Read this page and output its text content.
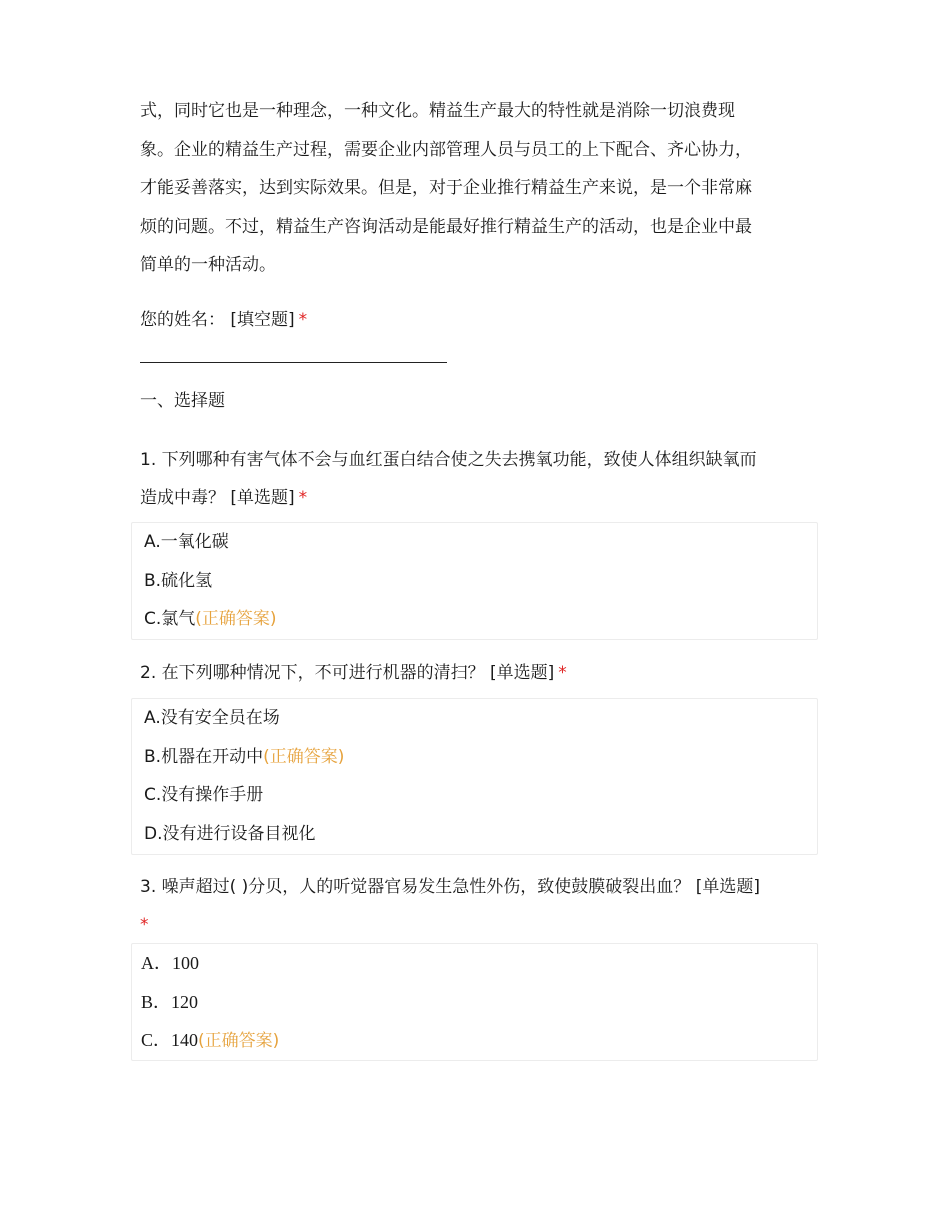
式，同时它也是一种理念，一种文化。精益生产最大的特性就是消除一切浪费现
象。企业的精益生产过程，需要企业内部管理人员与员工的上下配合、齐心协力，
才能妥善落实，达到实际效果。但是，对于企业推行精益生产来说，是一个非常麻
烦的问题。不过，精益生产咨询活动是能最好推行精益生产的活动，也是企业中最
简单的一种活动。
您的姓名： [填空题] *
一、选择题
1. 下列哪种有害气体不会与血红蛋白结合使之失去携氧功能，致使人体组织缺氧而
造成中毒？ [单选题] *
A.一氧化碳
B.硫化氢
C.氯气(正确答案)
2. 在下列哪种情况下，不可进行机器的清扫？ [单选题] *
A.没有安全员在场
B.机器在开动中(正确答案)
C.没有操作手册
D.没有进行设备目视化
3. 噪声超过( )分贝，人的听觉器官易发生急性外伤，致使鼓膜破裂出血？ [单选题]
*
A．100
B．120
C．140(正确答案)
